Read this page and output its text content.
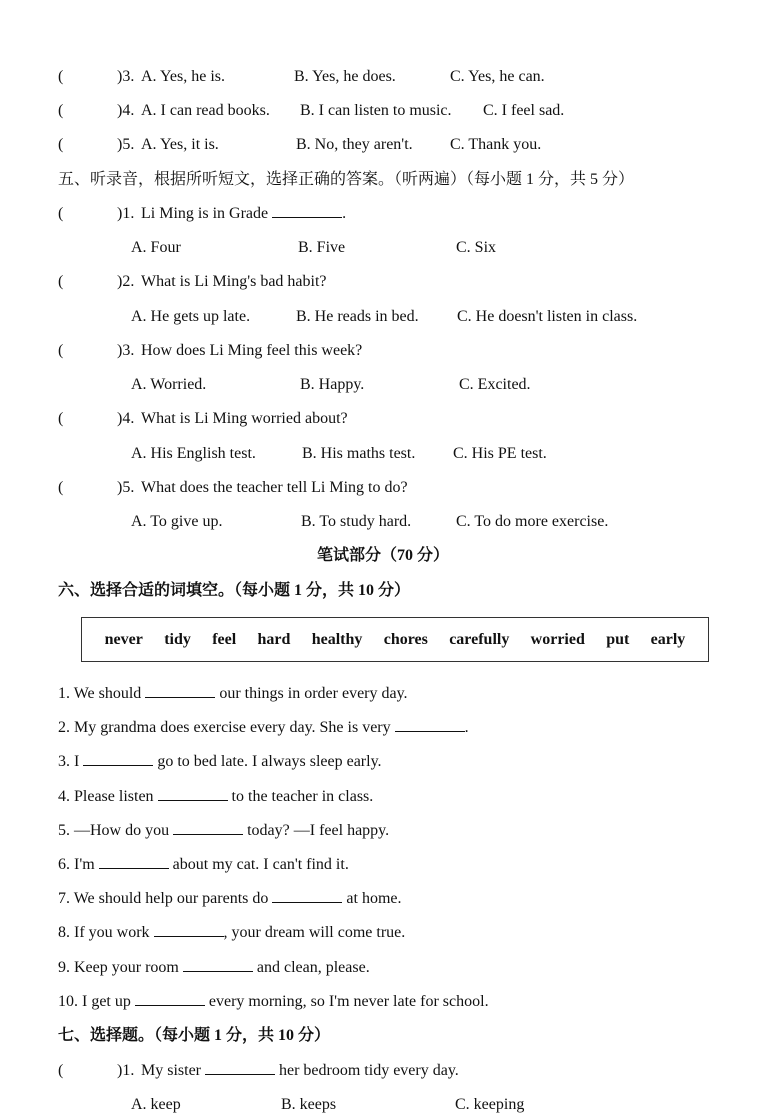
(	)3. A. Yes, he is.	B. Yes, he does.	C. Yes, he can.
(	)4. A. I can read books. B. I can listen to music. C. I feel sad.
(	)5. A. Yes, it is.	B. No, they aren't. C. Thank you.
五、听录音，根据所听短文，选择正确的答案。（听两遍）（每小题 1 分，共 5 分）
(	)1. Li Ming is in Grade	.
A. Four	B. Five	C. Six
(	)2. What is Li Ming's bad habit?
A. He gets up late.	B. He reads in bed. C. He doesn't listen in class.
(	)3. How does Li Ming feel this week?
A. Worried.	B. Happy.	C. Excited.
(	)4. What is Li Ming worried about?
A. His English test.	B. His maths test. C. His PE test.
(	)5. What does the teacher tell Li Ming to do?
A. To give up.	B. To study hard.	C. To do more exercise.
笔试部分（70 分）
六、选择合适的词填空。（每小题 1 分，共 10 分）
never tidy feel hard healthy chores carefully worried put early
1. We should	our things in order every day.
2. My grandma does exercise every day. She is very	.
3. I	go to bed late. I always sleep early.
4. Please listen	to the teacher in class.
5. —How do you	today? —I feel happy.
6. I'm	about my cat. I can't find it.
7. We should help our parents do	at home.
8. If you work	, your dream will come true.
9. Keep your room	and clean, please.
10. I get up	every morning, so I'm never late for school.
七、选择题。（每小题 1 分，共 10 分）
(	)1. My sister	her bedroom tidy every day.
A. keep	B. keeps	C. keeping
